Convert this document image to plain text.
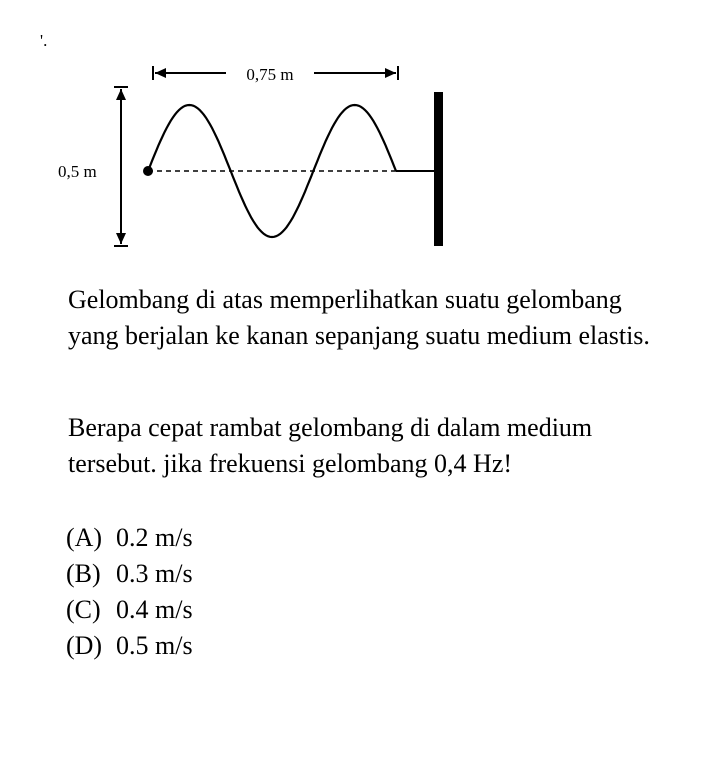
'.
0,75 m
0,5 m

Gelombang di atas memperlihatkan suatu gelombang yang berjalan ke kanan sepanjang suatu medium elastis.

Berapa cepat rambat gelombang di dalam medium tersebut. jika frekuensi gelombang 0,4 Hz!

(A) 0.2 m/s
(B) 0.3 m/s
(C) 0.4 m/s
(D) 0.5 m/s
